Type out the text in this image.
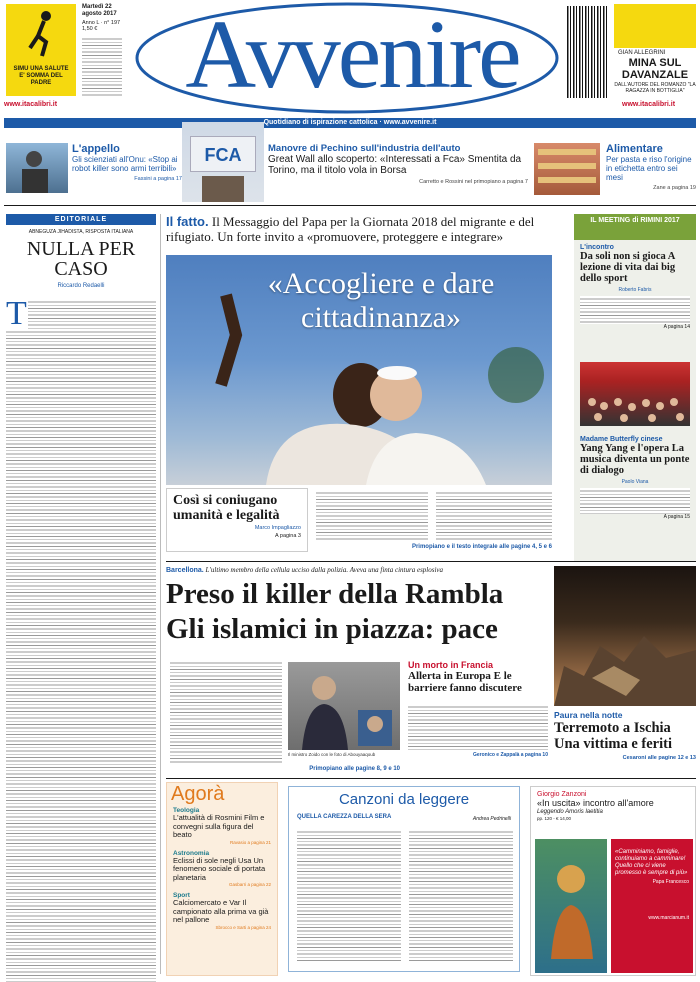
SIMU UNA SALUTE E' SOMMA DEL PADRE
www.itacalibri.it
Martedì 22 agosto 2017
Anno L · n° 197
1,50 € Avvenire	GIAN ALLEGRINI
MINA SUL DAVANZALE
DALL'AUTORE DEL ROMANZO "LA RAGAZZA IN BOTTIGLIA"
www.itacalibri.it
Quotidiano di ispirazione cattolica · www.avvenire.it
L'appello
Gli scienziati all'Onu: «Stop ai robot killer sono armi terribili»
Fassini a pagina 17
FCA	Manovre di Pechino sull'industria dell'auto
Great Wall allo scoperto: «Interessati a Fca» Smentita da Torino, ma il titolo vola in Borsa
Carretto e Rossini nel primopiano a pagina 7
Alimentare
Per pasta e riso l'origine in etichetta entro sei mesi
Zane a pagina 19
EDITORIALE
ABNEGUZA JIHADISTA, RISPOSTA ITALIANA
NULLA PER CASO
Riccardo Redaelli
T
Il fatto. Il Messaggio del Papa per la Giornata 2018 del migrante e del rifugiato. Un forte invito a «promuovere, proteggere e integrare»
«Accogliere e dare cittadinanza»
Così si coniugano umanità e legalità
Marco Impagliazzo
A pagina 3
Primopiano e il testo integrale alle pagine 4, 5 e 6
IL MEETING di RIMINI 2017
L'incontro
Da soli non si gioca A lezione di vita dai big dello sport
Roberto Fabris
A pagina 14
Madame Butterfly cinese
Yang Yang e l'opera La musica diventa un ponte di dialogo
Paolo Viana
A pagina 15
Barcellona. L'ultimo membro della cellula ucciso dalla polizia. Aveva una finta cintura esplosiva
Preso il killer della Rambla
Gli islamici in piazza: pace
Il ministro Zoido con le foto di Abouyaaqoub
Primopiano alle pagine 8, 9 e 10
Un morto in Francia
Allerta in Europa E le barriere fanno discutere
Geronico e Zappalà a pagina 10
Paura nella notte
Terremoto a Ischia Una vittima e feriti
Cesaroni alle pagine 12 e 13
Agorà
Teologia
L'attualità di Rosmini Film e convegni sulla figura del beato
Ravasio a pagina 21
Astronomia
Eclissi di sole negli Usa Un fenomeno sociale di portata planetaria
Gasbarri a pagina 22
Sport
Calciomercato e Var Il campionato alla prima va già nel pallone
Sbrocco e Sarti a pagina 24
Canzoni da leggere
QUELLA CAREZZA DELLA SERA	Andrea Pedrinelli
Giorgio Zanzoni
«In uscita» incontro all'amore
Leggendo Amoris laetitia
pp. 120 - € 14,00
«Camminiamo, famiglie, continuiamo a camminare! Quello che ci viene promesso è sempre di più»
Papa Francesco
www.marcianum.it
